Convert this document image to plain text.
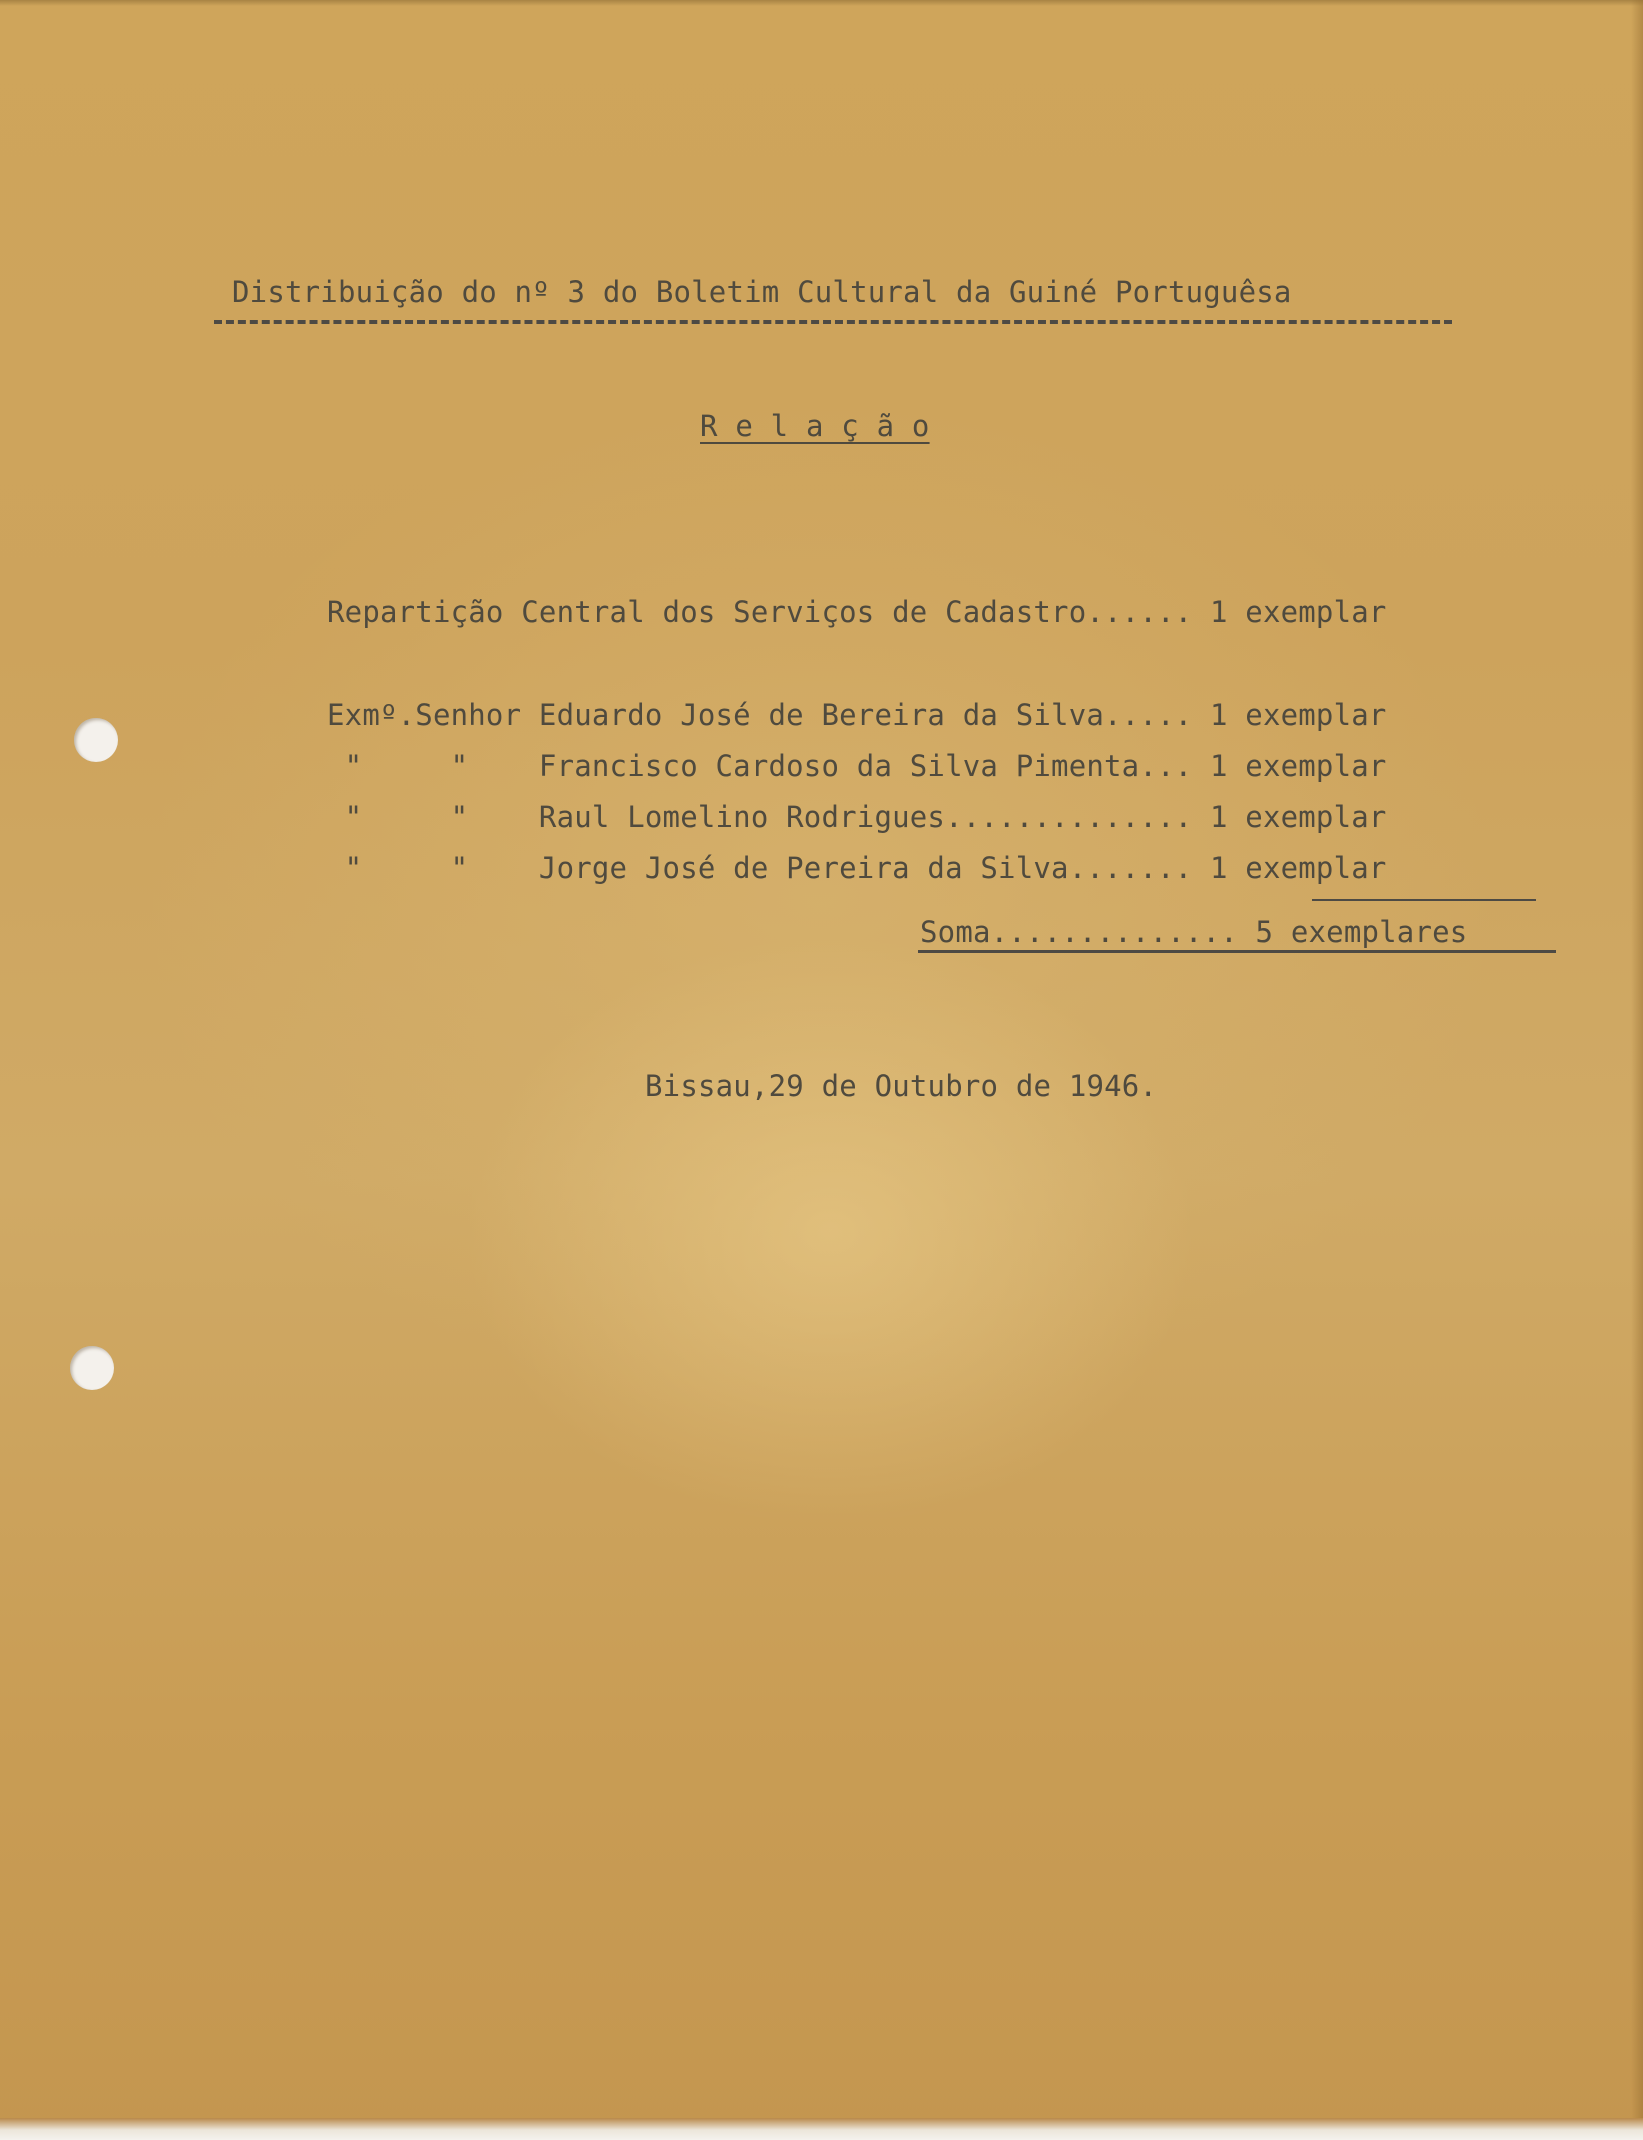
Distribuição do nº 3 do Boletim Cultural da Guiné Portuguêsa

R e l a ç ã o

Repartição Central dos Serviços de Cadastro...... 1 exemplar

Exmº.Senhor Eduardo José de Bereira da Silva..... 1 exemplar

"     "    Francisco Cardoso da Silva Pimenta... 1 exemplar

"     "    Raul Lomelino Rodrigues.............. 1 exemplar

"     "    Jorge José de Pereira da Silva....... 1 exemplar

Soma.............. 5 exemplares

Bissau,29 de Outubro de 1946.
